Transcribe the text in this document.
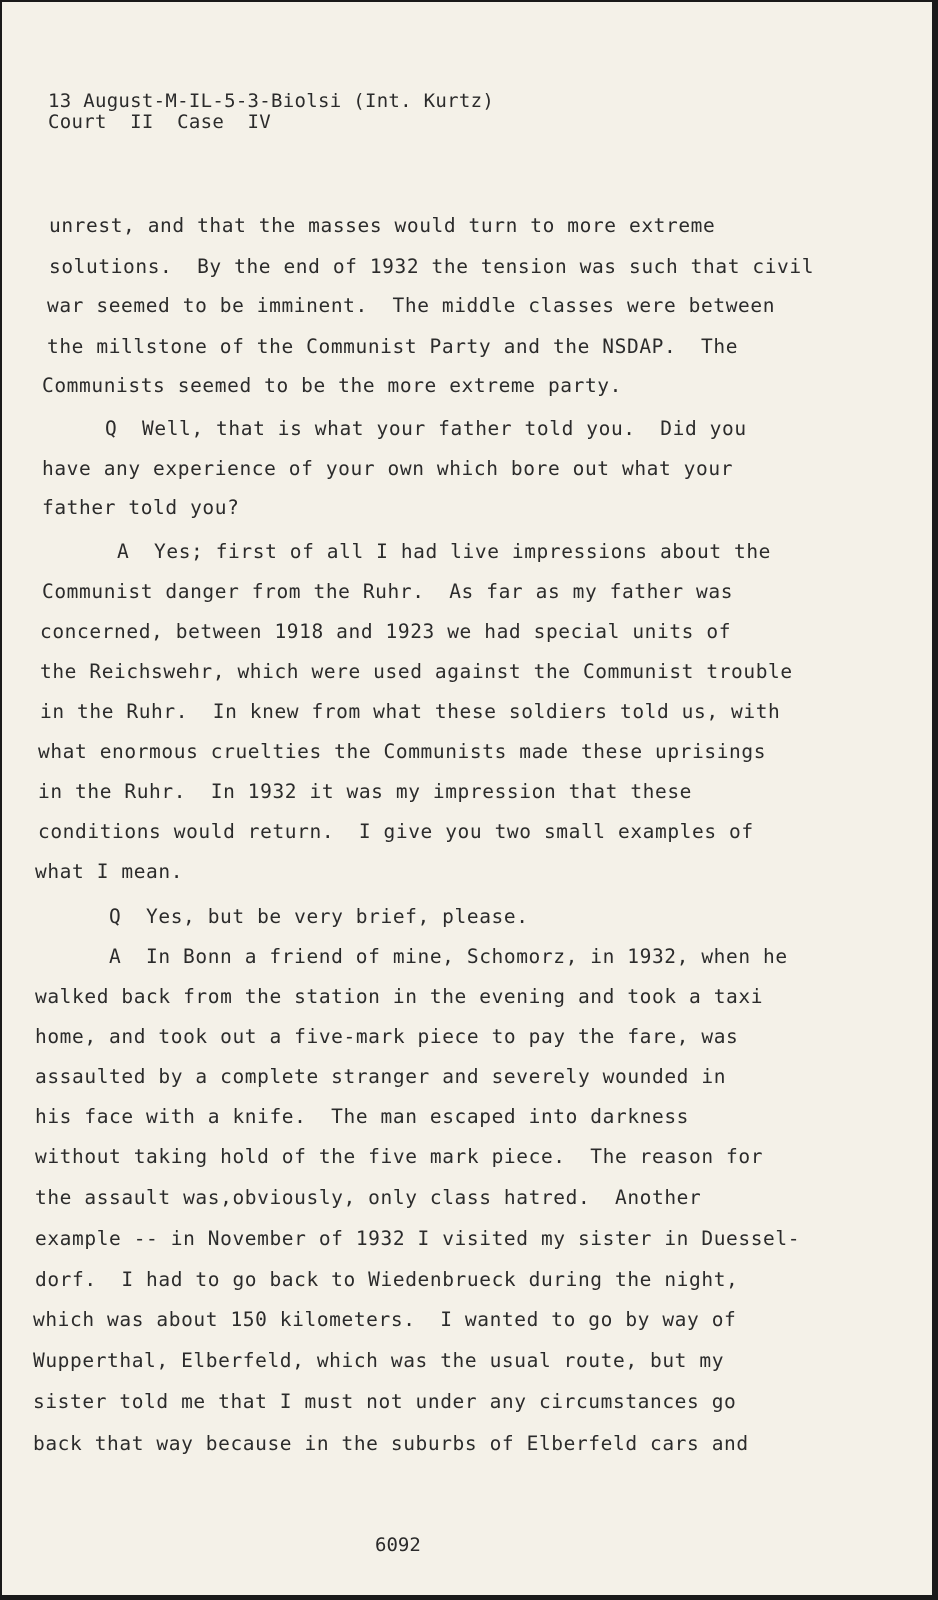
13 August-M-IL-5-3-Biolsi (Int. Kurtz)
Court  II  Case  IV
unrest, and that the masses would turn to more extreme
solutions.  By the end of 1932 the tension was such that civil
war seemed to be imminent.  The middle classes were between
the millstone of the Communist Party and the NSDAP.  The
Communists seemed to be the more extreme party.
Q  Well, that is what your father told you.  Did you
have any experience of your own which bore out what your
father told you?
A  Yes; first of all I had live impressions about the
Communist danger from the Ruhr.  As far as my father was
concerned, between 1918 and 1923 we had special units of
the Reichswehr, which were used against the Communist trouble
in the Ruhr.  In knew from what these soldiers told us, with
what enormous cruelties the Communists made these uprisings
in the Ruhr.  In 1932 it was my impression that these
conditions would return.  I give you two small examples of
what I mean.
Q  Yes, but be very brief, please.
A  In Bonn a friend of mine, Schomorz, in 1932, when he
walked back from the station in the evening and took a taxi
home, and took out a five-mark piece to pay the fare, was
assaulted by a complete stranger and severely wounded in
his face with a knife.  The man escaped into darkness
without taking hold of the five mark piece.  The reason for
the assault was,obviously, only class hatred.  Another
example -- in November of 1932 I visited my sister in Duessel-
dorf.  I had to go back to Wiedenbrueck during the night,
which was about 150 kilometers.  I wanted to go by way of
Wupperthal, Elberfeld, which was the usual route, but my
sister told me that I must not under any circumstances go
back that way because in the suburbs of Elberfeld cars and
6092
